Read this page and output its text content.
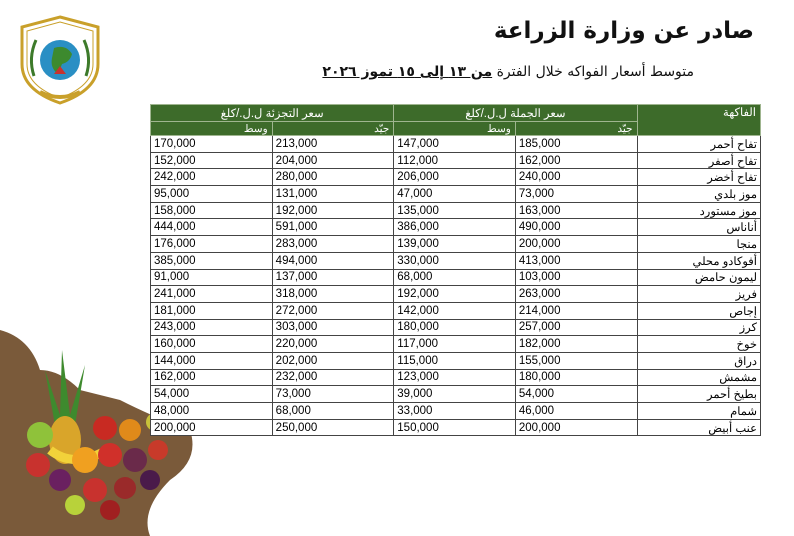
صادر عن وزارة الزراعة
متوسط أسعار الفواكه خلال الفترة من ١٣ إلى ١٥ تموز ٢٠٢٦
الفاكهة	سعر الجملة ل.ل./كلغ		سعر التجزئة ل.ل./كلغ	
	جيّد	وسط	جيّد	وسط
تفاح أحمر	185,000	147,000	213,000	170,000
تفاح أصفر	162,000	112,000	204,000	152,000
تفاح أخضر	240,000	206,000	280,000	242,000
موز بلدي	73,000	47,000	131,000	95,000
موز مستورد	163,000	135,000	192,000	158,000
أناناس	490,000	386,000	591,000	444,000
منجا	200,000	139,000	283,000	176,000
أفوكادو محلي	413,000	330,000	494,000	385,000
ليمون حامض	103,000	68,000	137,000	91,000
فريز	263,000	192,000	318,000	241,000
إجاص	214,000	142,000	272,000	181,000
كرز	257,000	180,000	303,000	243,000
خوخ	182,000	117,000	220,000	160,000
دراق	155,000	115,000	202,000	144,000
مشمش	180,000	123,000	232,000	162,000
بطيخ أحمر	54,000	39,000	73,000	54,000
شمام	46,000	33,000	68,000	48,000
عنب أبيض	200,000	150,000	250,000	200,000
